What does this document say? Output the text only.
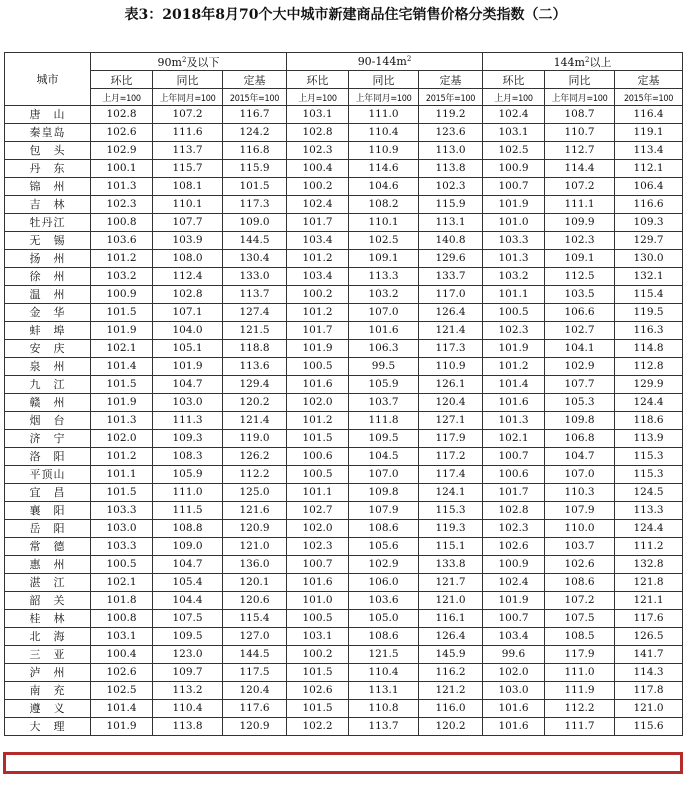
表3：2018年8月70个大中城市新建商品住宅销售价格分类指数（二）
城市	$90m^2$及以下			$90-144m^2$			$144m^2$以上		
	环比	同比	定基	环比	同比	定基	环比	同比	定基
	上月=100	上年同月=100	2015年=100	上月=100	上年同月=100	2015年=100	上月=100	上年同月=100	2015年=100
唐　山	102.8	107.2	116.7	103.1	111.0	119.2	102.4	108.7	116.4
秦皇岛	102.6	111.6	124.2	102.8	110.4	123.6	103.1	110.7	119.1
包　头	102.9	113.7	116.8	102.3	110.9	113.0	102.5	112.7	113.4
丹　东	100.1	115.7	115.9	100.4	114.6	113.8	100.9	114.4	112.1
锦　州	101.3	108.1	101.5	100.2	104.6	102.3	100.7	107.2	106.4
吉　林	102.3	110.1	117.3	102.4	108.2	115.9	101.9	111.1	116.6
牡丹江	100.8	107.7	109.0	101.7	110.1	113.1	101.0	109.9	109.3
无　锡	103.6	103.9	144.5	103.4	102.5	140.8	103.3	102.3	129.7
扬　州	101.2	108.0	130.4	101.2	109.1	129.6	101.3	109.1	130.0
徐　州	103.2	112.4	133.0	103.4	113.3	133.7	103.2	112.5	132.1
温　州	100.9	102.8	113.7	100.2	103.2	117.0	101.1	103.5	115.4
金　华	101.5	107.1	127.4	101.2	107.0	126.4	100.5	106.6	119.5
蚌　埠	101.9	104.0	121.5	101.7	101.6	121.4	102.3	102.7	116.3
安　庆	102.1	105.1	118.8	101.9	106.3	117.3	101.9	104.1	114.8
泉　州	101.4	101.9	113.6	100.5	99.5	110.9	101.2	102.9	112.8
九　江	101.5	104.7	129.4	101.6	105.9	126.1	101.4	107.7	129.9
赣　州	101.9	103.0	120.2	102.0	103.7	120.4	101.6	105.3	124.4
烟　台	101.3	111.3	121.4	101.2	111.8	127.1	101.3	109.8	118.6
济　宁	102.0	109.3	119.0	101.5	109.5	117.9	102.1	106.8	113.9
洛　阳	101.2	108.3	126.2	100.6	104.5	117.2	100.7	104.7	115.3
平顶山	101.1	105.9	112.2	100.5	107.0	117.4	100.6	107.0	115.3
宜　昌	101.5	111.0	125.0	101.1	109.8	124.1	101.7	110.3	124.5
襄　阳	103.3	111.5	121.6	102.7	107.9	115.3	102.8	107.9	113.3
岳　阳	103.0	108.8	120.9	102.0	108.6	119.3	102.3	110.0	124.4
常　德	103.3	109.0	121.0	102.3	105.6	115.1	102.6	103.7	111.2
惠　州	100.5	104.7	136.0	100.7	102.9	133.8	100.9	102.6	132.8
湛　江	102.1	105.4	120.1	101.6	106.0	121.7	102.4	108.6	121.8
韶　关	101.8	104.4	120.6	101.0	103.6	121.0	101.9	107.2	121.1
桂　林	100.8	107.5	115.4	100.5	105.0	116.1	100.7	107.5	117.6
北　海	103.1	109.5	127.0	103.1	108.6	126.4	103.4	108.5	126.5
三　亚	100.4	123.0	144.5	100.2	121.5	145.9	99.6	117.9	141.7
泸　州	102.6	109.7	117.5	101.5	110.4	116.2	102.0	111.0	114.3
南　充	102.5	113.2	120.4	102.6	113.1	121.2	103.0	111.9	117.8
遵　义	101.4	110.4	117.6	101.5	110.8	116.0	101.6	112.2	121.0
大　理	101.9	113.8	120.9	102.2	113.7	120.2	101.6	111.7	115.6
